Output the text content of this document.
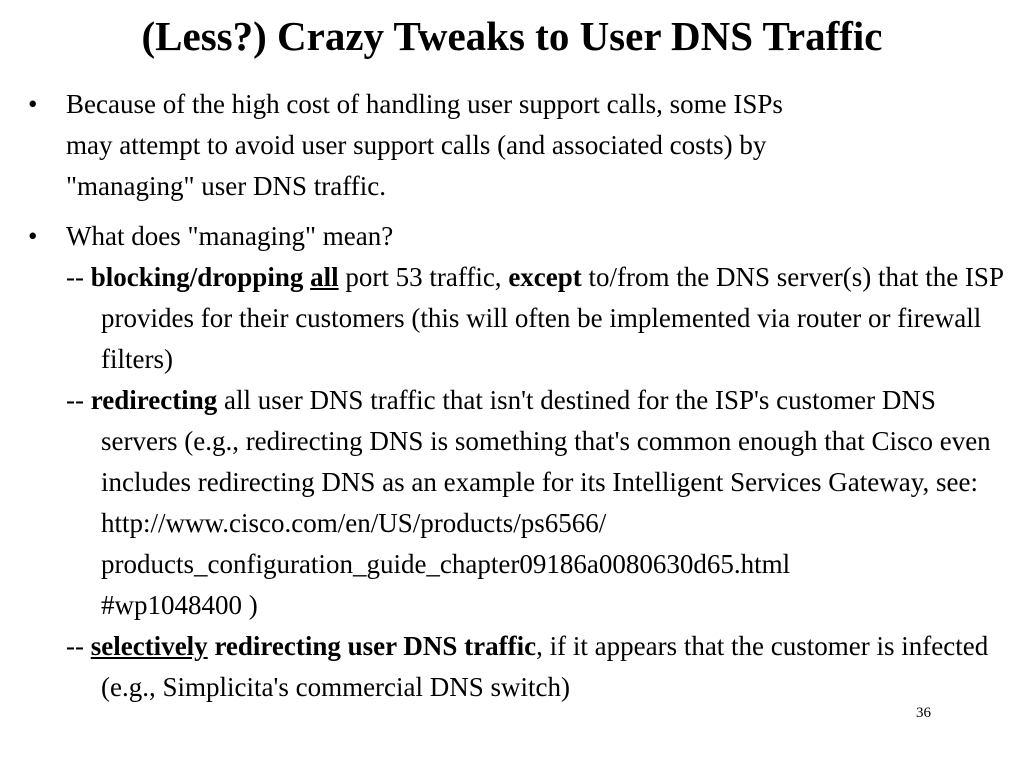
(Less?) Crazy Tweaks to User DNS Traffic

•	Because of the high cost of handling user support calls, some ISPs
may attempt to avoid user support calls (and associated costs) by
"managing" user DNS traffic.

•	What does "managing" mean?

-- blocking/dropping all port 53 traffic, except to/from the DNS server(s) that the ISP provides for their customers (this will often be implemented via router or firewall filters)

-- redirecting all user DNS traffic that isn't destined for the ISP's customer DNS servers (e.g., redirecting DNS is something that's common enough that Cisco even includes redirecting DNS as an example for its Intelligent Services Gateway, see:
http://www.cisco.com/en/US/products/ps6566/
products_configuration_guide_chapter09186a0080630d65.html
#wp1048400 )

-- selectively redirecting user DNS traffic, if it appears that the customer is infected (e.g., Simplicita's commercial DNS switch)

36
